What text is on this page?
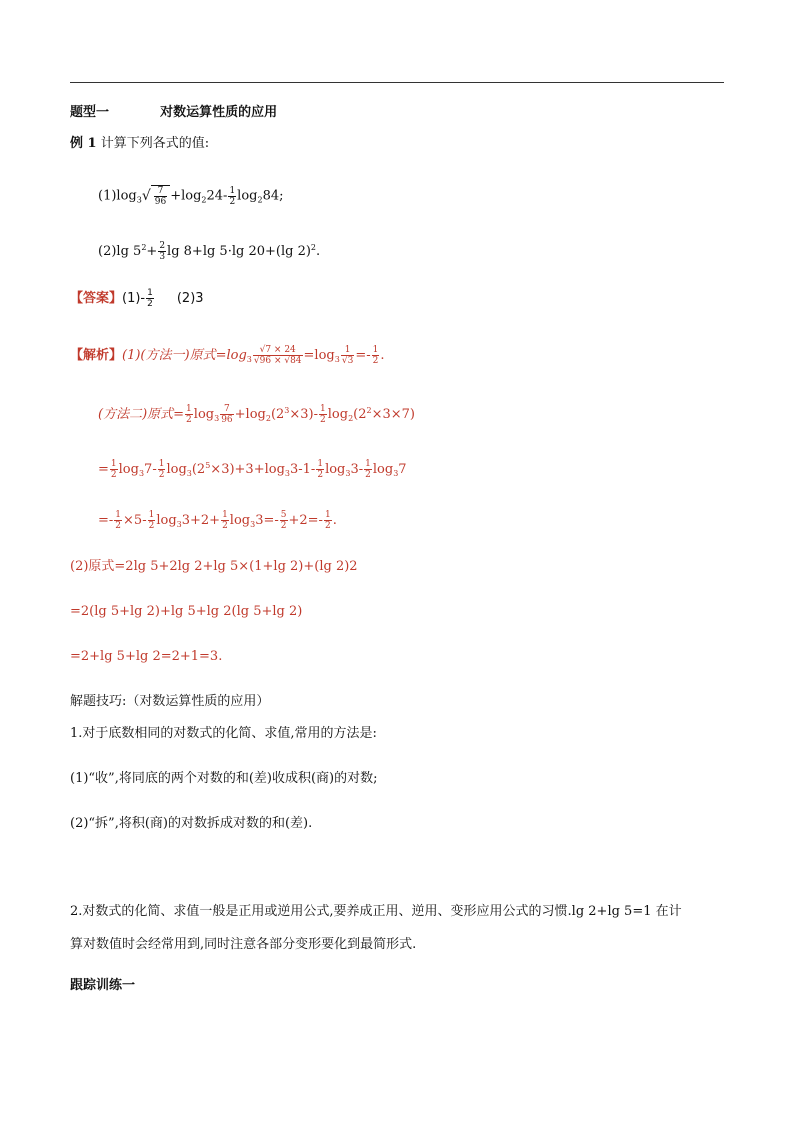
题型一	对数运算性质的应用
例 1 计算下列各式的值:
$(1)\log_3$ √ $\frac{7}{96} +\log_224- \frac{1}{2} \log_284$;
(2)lg $5^2+ \frac{2}{3}$ lg 8+lg 5·lg 20+(lg 2)$^2$.
【答案】$(1)- \frac{1}{2} (2)3$
【解析】(1)(方法一)原式$=\log_3 \frac{√7 \times 24}{√96 \times √84} =\log_3 \frac{1}{√3} =- \frac{1}{2}$ .
(方法二)原式= $\frac{1}{2} \log_3 \frac{7}{96} +\log_2(2^3\times 3)- \frac{1}{2} \log_2(2^2\times 3\times 7)$
= $\frac{1}{2} \log_37- \frac{1}{2} \log_3(2^5\times 3)+3+\log_33-1- \frac{1}{2} \log_33- \frac{1}{2} \log_37$
=- $\frac{1}{2} \times 5- \frac{1}{2} \log_33+2+ \frac{1}{2} \log_33=- \frac{5}{2} +2=- \frac{1}{2}$ .
(2)原式=2lg 5+2lg 2+lg 5×(1+lg 2)+(lg 2)2
=2(lg 5+lg 2)+lg 5+lg 2(lg 5+lg 2)
=2+lg 5+lg 2=2+1=3.
解题技巧:（对数运算性质的应用）
1.对于底数相同的对数式的化简、求值,常用的方法是:
(1)“收”,将同底的两个对数的和(差)收成积(商)的对数;
(2)“拆”,将积(商)的对数拆成对数的和(差).
2.对数式的化简、求值一般是正用或逆用公式,要养成正用、逆用、变形应用公式的习惯.lg 2+lg 5=1 在计
算对数值时会经常用到,同时注意各部分变形要化到最简形式.
跟踪训练一
